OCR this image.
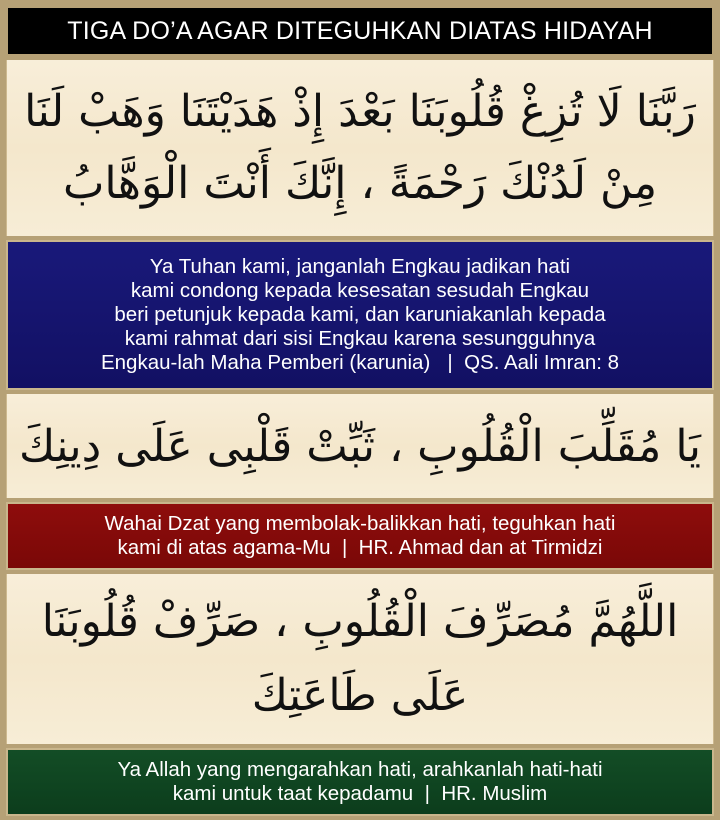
TIGA DO’A AGAR DITEGUHKAN DIATAS HIDAYAH
رَبَّنَا لَا تُزِغْ قُلُوبَنَا بَعْدَ إِذْ هَدَيْتَنَا وَهَبْ لَنَا
مِنْ لَدُنْكَ رَحْمَةً ، إِنَّكَ أَنْتَ الْوَهَّابُ
Ya Tuhan kami, janganlah Engkau jadikan hati
kami condong kepada kesesatan sesudah Engkau
beri petunjuk kepada kami, dan karuniakanlah kepada
kami rahmat dari sisi Engkau karena sesungguhnya
Engkau-lah Maha Pemberi (karunia)   |  QS. Aali Imran: 8
يَا مُقَلِّبَ الْقُلُوبِ ، ثَبِّتْ قَلْبِى عَلَى دِينِكَ
Wahai Dzat yang membolak-balikkan hati, teguhkan hati
kami di atas agama-Mu  |  HR. Ahmad dan at Tirmidzi
اللَّهُمَّ مُصَرِّفَ الْقُلُوبِ ، صَرِّفْ قُلُوبَنَا
عَلَى طَاعَتِكَ
Ya Allah yang mengarahkan hati, arahkanlah hati-hati
kami untuk taat kepadamu  |  HR. Muslim
